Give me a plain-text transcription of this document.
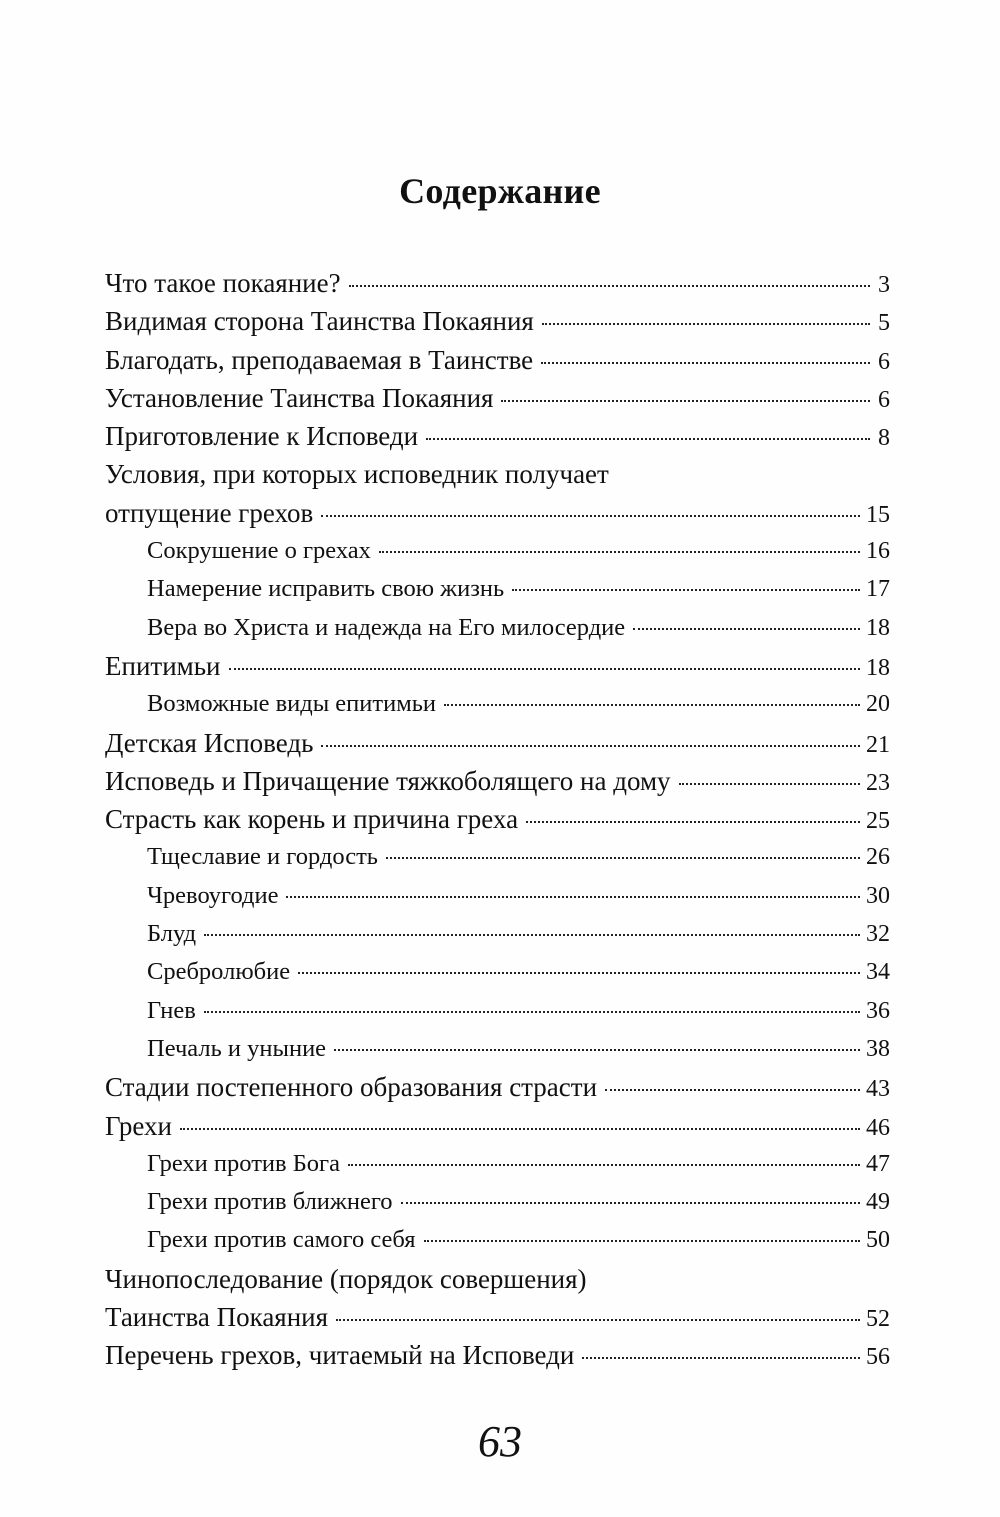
Содержание
Что такое покаяние?	3
Видимая сторона Таинства Покаяния	5
Благодать, преподаваемая в Таинстве	6
Установление Таинства Покаяния	6
Приготовление к Исповеди	8
Условия, при которых исповедник получает
отпущение грехов	15
Сокрушение о грехах	16
Намерение исправить свою жизнь	17
Вера во Христа и надежда на Его милосердие	18
Епитимьи	18
Возможные виды епитимьи	20
Детская Исповедь	21
Исповедь и Причащение тяжкоболящего на дому	23
Страсть как корень и причина греха	25
Тщеславие и гордость	26
Чревоугодие	30
Блуд	32
Сребролюбие	34
Гнев	36
Печаль и уныние	38
Стадии постепенного образования страсти	43
Грехи	46
Грехи против Бога	47
Грехи против ближнего	49
Грехи против самого себя	50
Чинопоследование (порядок совершения)
Таинства Покаяния	52
Перечень грехов, читаемый на Исповеди	56
63
